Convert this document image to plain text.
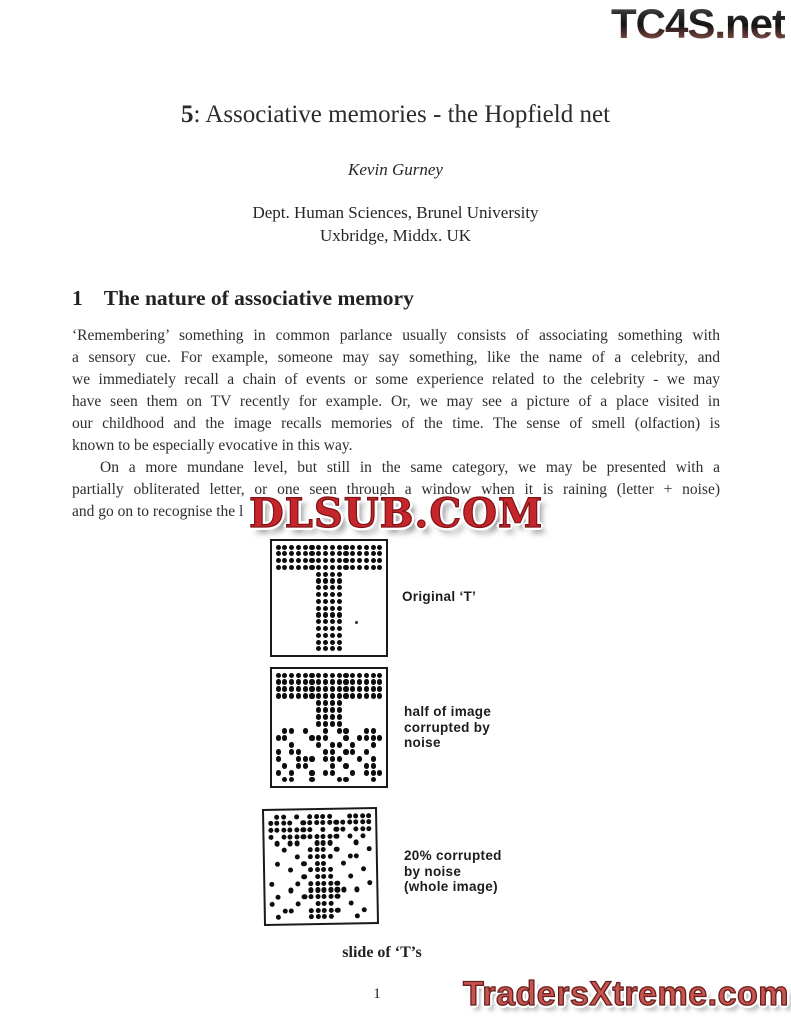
TC4S.net
5: Associative memories - the Hopfield net
Kevin Gurney
Dept. Human Sciences, Brunel University
Uxbridge, Middx. UK
1 The nature of associative memory
‘Remembering’ something in common parlance usually consists of associating something with
a sensory cue. For example, someone may say something, like the name of a celebrity, and
we immediately recall a chain of events or some experience related to the celebrity - we may
have seen them on TV recently for example. Or, we may see a picture of a place visited in
our childhood and the image recalls memories of the time. The sense of smell (olfaction) is
known to be especially evocative in this way.
On a more mundane level, but still in the same category, we may be presented with a
partially obliterated letter, or one seen through a window when it is raining (letter + noise)
and go on to recognise the l DLSUB.COM
Original ‘T’
half of image
corrupted by
noise
20% corrupted
by noise
(whole image)
slide of ‘T’s
1	TradersXtreme.com
